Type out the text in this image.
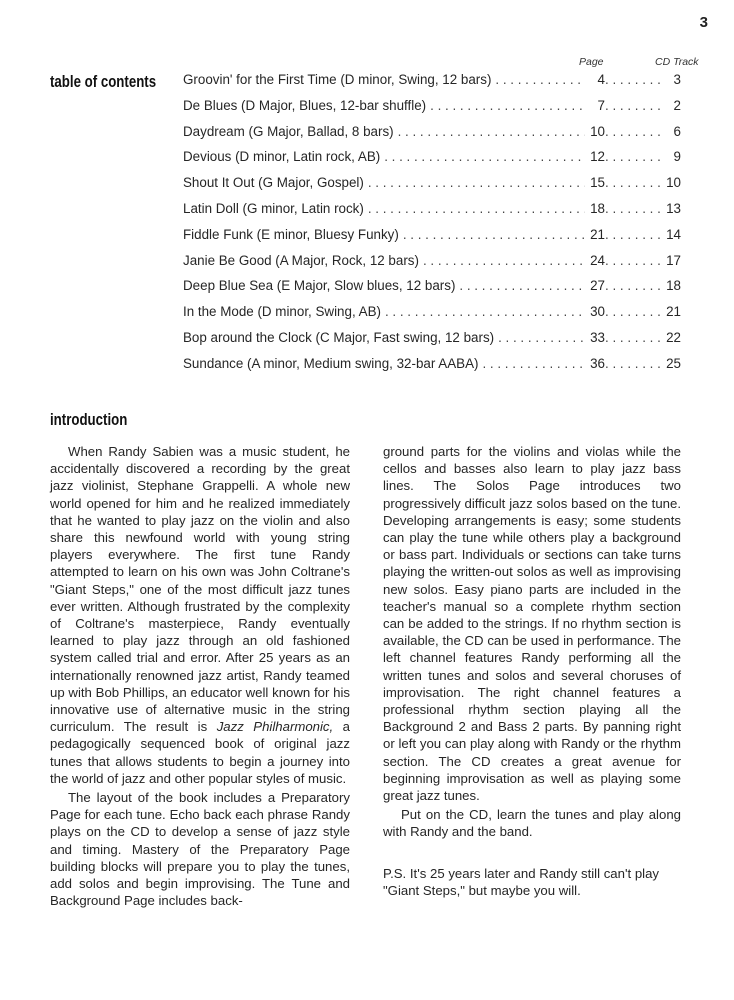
3
Page	CD Track
table of contents Groovin' for the First Time (D minor, Swing, 12 bars) . . .	4 . . .	3
De Blues (D Major, Blues, 12-bar shuffle) . . .	7 . . .	2
Daydream (G Major, Ballad, 8 bars) . . .	10 . . .	6
Devious (D minor, Latin rock, AB) . . .	12 . . .	9
Shout It Out (G Major, Gospel) . . .	15 . . .	10
Latin Doll (G minor, Latin rock) . . .	18 . . .	13
Fiddle Funk (E minor, Bluesy Funky) . . .	21 . . .	14
Janie Be Good (A Major, Rock, 12 bars) . . .	24 . . .	17
Deep Blue Sea (E Major, Slow blues, 12 bars) . . .	27 . . .	18
In the Mode (D minor, Swing, AB) . . .	30 . . .	21
Bop around the Clock (C Major, Fast swing, 12 bars) . . .	33 . . .	22
Sundance (A minor, Medium swing, 32-bar AABA) . . .	36 . . .	25
introduction

When Randy Sabien was a music student, he accidentally discovered a recording by the great jazz violinist, Stephane Grappelli. A whole new world opened for him and he realized immediately that he wanted to play jazz on the violin and also share this newfound world with young string players everywhere. The first tune Randy attempted to learn on his own was John Coltrane's "Giant Steps," one of the most difficult jazz tunes ever written. Although frustrated by the complexity of Coltrane's masterpiece, Randy eventually learned to play jazz through an old fashioned system called trial and error. After 25 years as an internationally renowned jazz artist, Randy teamed up with Bob Phillips, an educator well known for his innovative use of alternative music in the string curriculum. The result is Jazz Philharmonic, a pedagogically sequenced book of original jazz tunes that allows students to begin a journey into the world of jazz and other popular styles of music.

The layout of the book includes a Preparatory Page for each tune. Echo back each phrase Randy plays on the CD to develop a sense of jazz style and timing. Mastery of the Preparatory Page building blocks will prepare you to play the tunes, add solos and begin improvising. The Tune and Background Page includes back-

ground parts for the violins and violas while the cellos and basses also learn to play jazz bass lines. The Solos Page introduces two progressively difficult jazz solos based on the tune. Developing arrangements is easy; some students can play the tune while others play a background or bass part. Individuals or sections can take turns playing the written-out solos as well as improvising new solos. Easy piano parts are included in the teacher's manual so a complete rhythm section can be added to the strings. If no rhythm section is available, the CD can be used in performance. The left channel features Randy performing all the written tunes and solos and several choruses of improvisation. The right channel features a professional rhythm section playing all the Background 2 and Bass 2 parts. By panning right or left you can play along with Randy or the rhythm section. The CD creates a great avenue for beginning improvisation as well as playing some great jazz tunes.

Put on the CD, learn the tunes and play along with Randy and the band.

P.S. It's 25 years later and Randy still can't play "Giant Steps," but maybe you will.
